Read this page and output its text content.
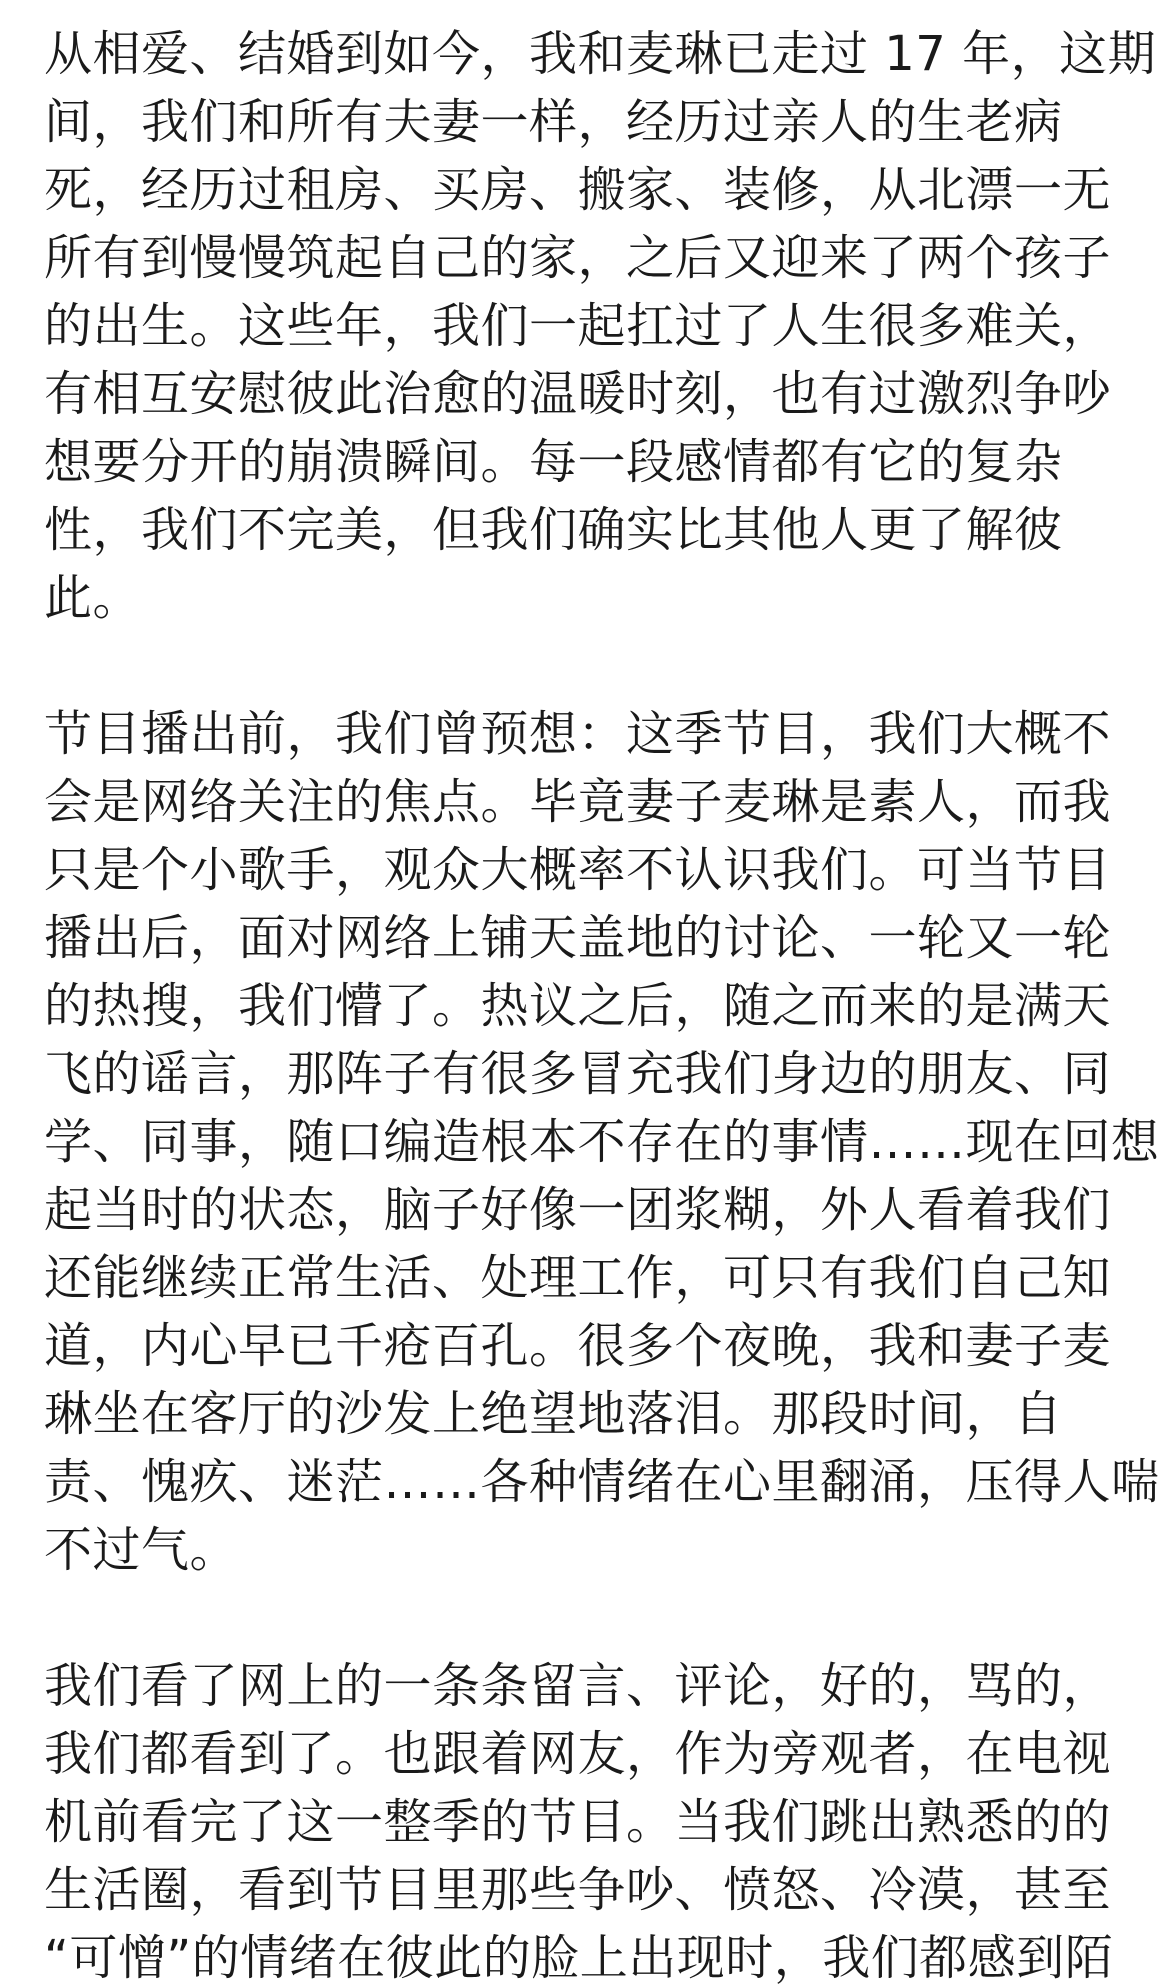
从相爱、结婚到如今，我和麦琳已走过 17 年，这期
间，我们和所有夫妻一样，经历过亲人的生老病
死，经历过租房、买房、搬家、装修，从北漂一无
所有到慢慢筑起自己的家，之后又迎来了两个孩子
的出生。这些年，我们一起扛过了人生很多难关，
有相互安慰彼此治愈的温暖时刻，也有过激烈争吵
想要分开的崩溃瞬间。每一段感情都有它的复杂
性，我们不完美，但我们确实比其他人更了解彼
此。
节目播出前，我们曾预想：这季节目，我们大概不
会是网络关注的焦点。毕竟妻子麦琳是素人，而我
只是个小歌手，观众大概率不认识我们。可当节目
播出后，面对网络上铺天盖地的讨论、一轮又一轮
的热搜，我们懵了。热议之后，随之而来的是满天
飞的谣言，那阵子有很多冒充我们身边的朋友、同
学、同事，随口编造根本不存在的事情……现在回想
起当时的状态，脑子好像一团浆糊，外人看着我们
还能继续正常生活、处理工作，可只有我们自己知
道，内心早已千疮百孔。很多个夜晚，我和妻子麦
琳坐在客厅的沙发上绝望地落泪。那段时间，自
责、愧疚、迷茫……各种情绪在心里翻涌，压得人喘
不过气。
我们看了网上的一条条留言、评论，好的，骂的，
我们都看到了。也跟着网友，作为旁观者，在电视
机前看完了这一整季的节目。当我们跳出熟悉的的
生活圈，看到节目里那些争吵、愤怒、冷漠，甚至
“可憎”的情绪在彼此的脸上出现时，我们都感到陌
